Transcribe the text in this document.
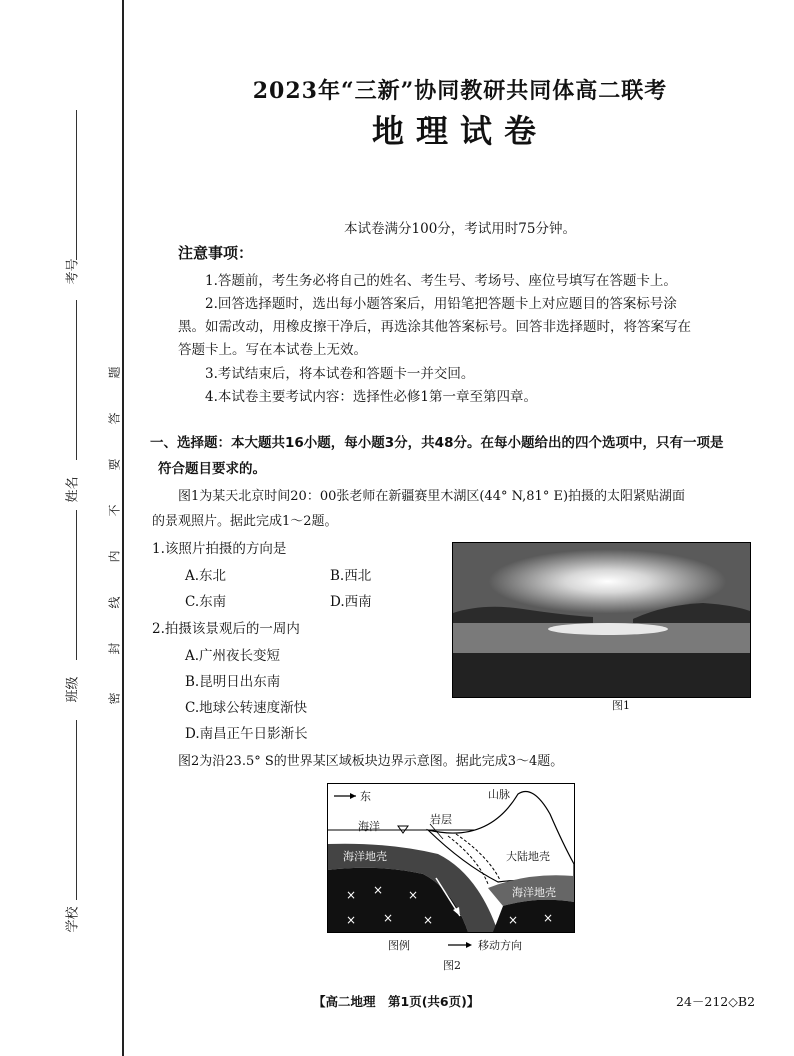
考号
姓名
班级
学校
密
封
线
内
不
要
答
题
2023年“三新”协同教研共同体高二联考
地理试卷
本试卷满分100分，考试用时75分钟。
注意事项：
1.答题前，考生务必将自己的姓名、考生号、考场号、座位号填写在答题卡上。
2.回答选择题时，选出每小题答案后，用铅笔把答题卡上对应题目的答案标号涂
黑。如需改动，用橡皮擦干净后，再选涂其他答案标号。回答非选择题时，将答案写在
答题卡上。写在本试卷上无效。
3.考试结束后，将本试卷和答题卡一并交回。
4.本试卷主要考试内容：选择性必修1第一章至第四章。
一、选择题：本大题共16小题，每小题3分，共48分。在每小题给出的四个选项中，只有一项是
符合题目要求的。
图1为某天北京时间20：00张老师在新疆赛里木湖区(44° N,81° E)拍摄的太阳紧贴湖面
的景观照片。据此完成1～2题。
1.该照片拍摄的方向是
A.东北	B.西北
C.东南	D.西南
2.拍摄该景观后的一周内
A.广州夜长变短
B.昆明日出东南
C.地球公转速度渐快
D.南昌正午日影渐长
图1
图2为沿23.5° S的世界某区域板块边界示意图。据此完成3～4题。
× × ×
× × ×	× ×
东	山脉
海洋
岩层
海洋地壳	大陆地壳
海洋地壳
图例	移动方向
图2
【高二地理　第1页(共6页)】	24－212◇B2
